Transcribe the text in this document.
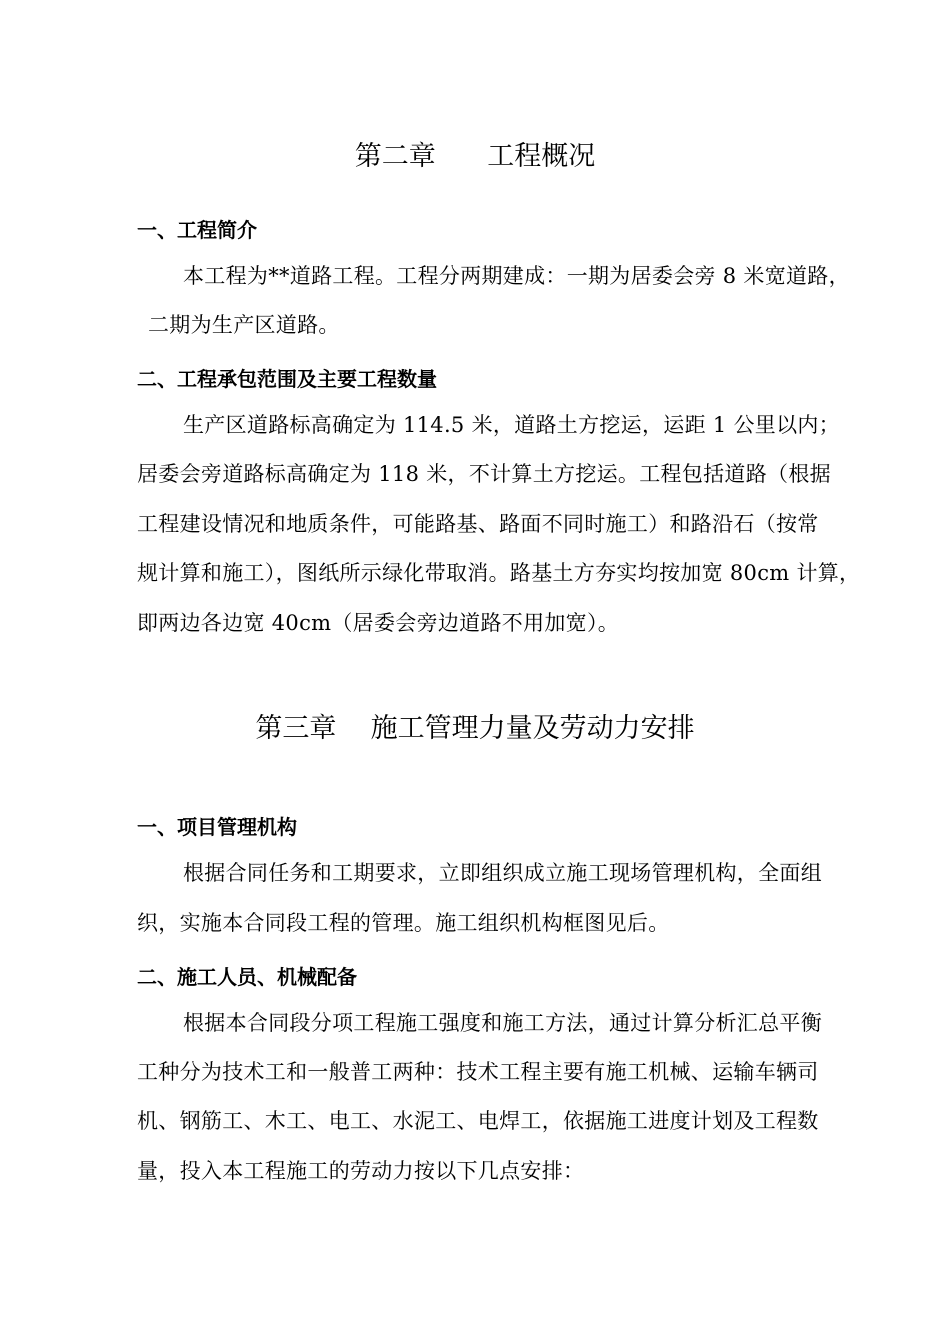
第二章      工程概况
一、工程简介
本工程为**道路工程。工程分两期建成：一期为居委会旁 8 米宽道路，
二期为生产区道路。
二、工程承包范围及主要工程数量
生产区道路标高确定为 114.5 米，道路土方挖运，运距 1 公里以内；
居委会旁道路标高确定为 118 米，不计算土方挖运。工程包括道路（根据
工程建设情况和地质条件，可能路基、路面不同时施工）和路沿石（按常
规计算和施工），图纸所示绿化带取消。路基土方夯实均按加宽 80cm 计算，
即两边各边宽 40cm（居委会旁边道路不用加宽）。
第三章    施工管理力量及劳动力安排
一、项目管理机构
根据合同任务和工期要求，立即组织成立施工现场管理机构，全面组
织，实施本合同段工程的管理。施工组织机构框图见后。
二、施工人员、机械配备
根据本合同段分项工程施工强度和施工方法，通过计算分析汇总平衡
工种分为技术工和一般普工两种：技术工程主要有施工机械、运输车辆司
机、钢筋工、木工、电工、水泥工、电焊工，依据施工进度计划及工程数
量，投入本工程施工的劳动力按以下几点安排：
